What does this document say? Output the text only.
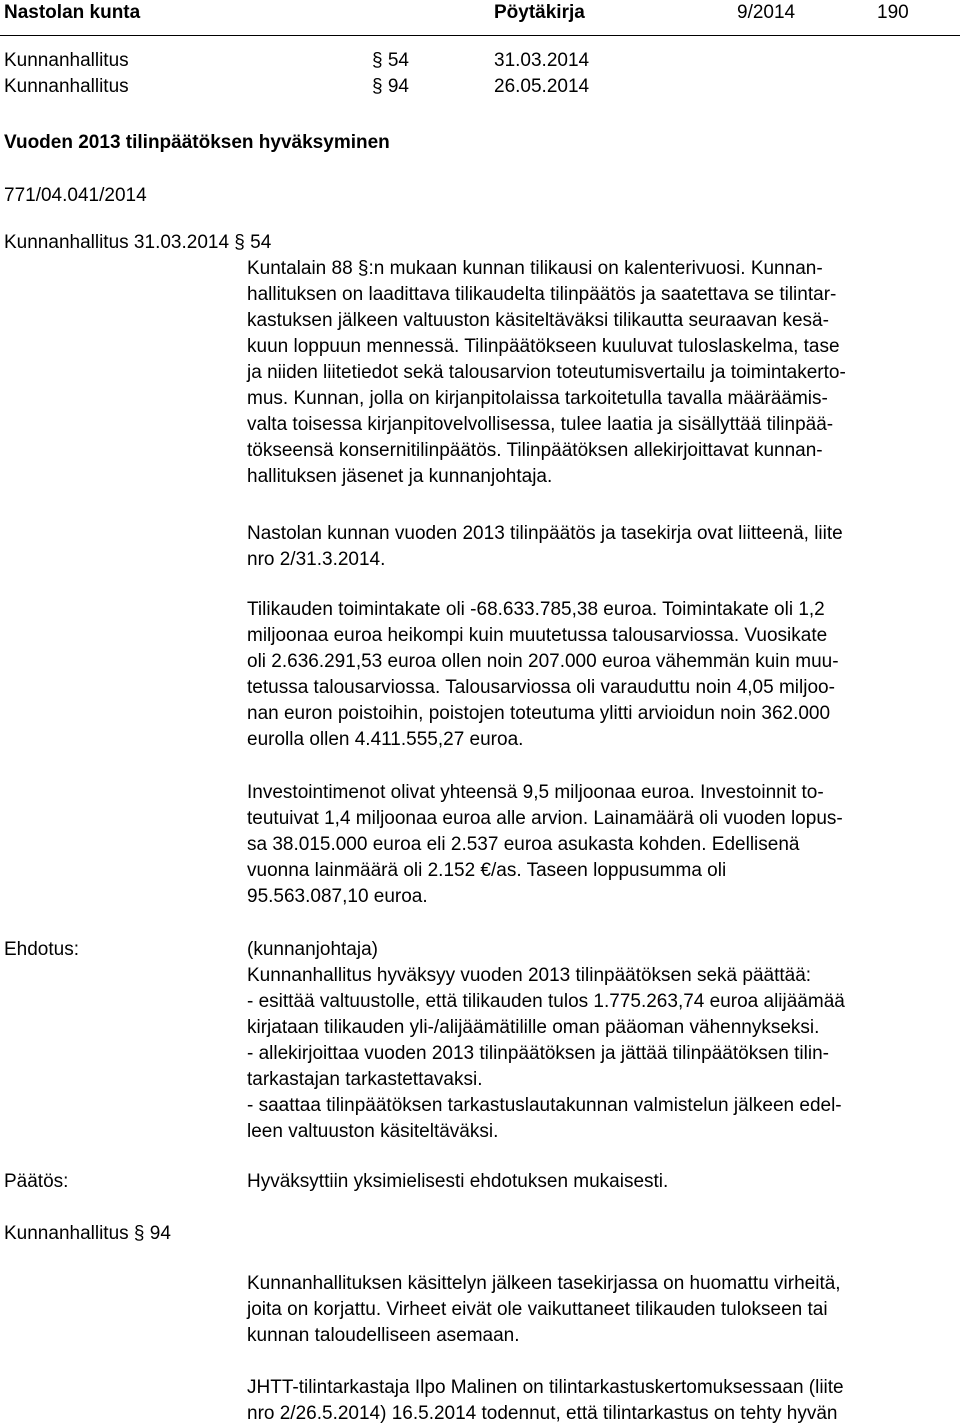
Nastolan kunta	Pöytäkirja	9/2014	190
Kunnanhallitus	§ 54	31.03.2014
Kunnanhallitus	§ 94	26.05.2014
Vuoden 2013 tilinpäätöksen hyväksyminen
771/04.041/2014
Kunnanhallitus 31.03.2014 § 54
Kuntalain 88 §:n mukaan kunnan tilikausi on kalenterivuosi. Kunnan-
hallituksen on laadittava tilikaudelta tilinpäätös ja saatettava se tilintar-
kastuksen jälkeen valtuuston käsiteltäväksi tilikautta seuraavan kesä-
kuun loppuun mennessä. Tilinpäätökseen kuuluvat tuloslaskelma, tase
ja niiden liitetiedot sekä talousarvion toteutumisvertailu ja toimintakerto-
mus. Kunnan, jolla on kirjanpitolaissa tarkoitetulla tavalla määräämis-
valta toisessa kirjanpitovelvollisessa, tulee laatia ja sisällyttää tilinpää-
tökseensä konsernitilinpäätös. Tilinpäätöksen allekirjoittavat kunnan-
hallituksen jäsenet ja kunnanjohtaja.
Nastolan kunnan vuoden 2013 tilinpäätös ja tasekirja ovat liitteenä, liite
nro 2/31.3.2014.
Tilikauden toimintakate oli -68.633.785,38 euroa. Toimintakate oli 1,2
miljoonaa euroa heikompi kuin muutetussa talousarviossa. Vuosikate
oli 2.636.291,53 euroa ollen noin 207.000 euroa vähemmän kuin muu-
tetussa talousarviossa. Talousarviossa oli varauduttu noin 4,05 miljoo-
nan euron poistoihin, poistojen toteutuma ylitti arvioidun noin 362.000
eurolla ollen 4.411.555,27 euroa.
Investointimenot olivat yhteensä 9,5 miljoonaa euroa. Investoinnit to-
teutuivat 1,4 miljoonaa euroa alle arvion. Lainamäärä oli vuoden lopus-
sa 38.015.000 euroa eli 2.537 euroa asukasta kohden. Edellisenä
vuonna lainmäärä oli 2.152 €/as. Taseen loppusumma oli
95.563.087,10 euroa.
Ehdotus:	(kunnanjohtaja)
Kunnanhallitus hyväksyy vuoden 2013 tilinpäätöksen sekä päättää:
- esittää valtuustolle, että tilikauden tulos 1.775.263,74 euroa alijäämää
kirjataan tilikauden yli-/alijäämätilille oman pääoman vähennykseksi.
- allekirjoittaa vuoden 2013 tilinpäätöksen ja jättää tilinpäätöksen tilin-
tarkastajan tarkastettavaksi.
- saattaa tilinpäätöksen tarkastuslautakunnan valmistelun jälkeen edel-
leen valtuuston käsiteltäväksi.
Päätös:	Hyväksyttiin yksimielisesti ehdotuksen mukaisesti.
Kunnanhallitus § 94
Kunnanhallituksen käsittelyn jälkeen tasekirjassa on huomattu virheitä,
joita on korjattu. Virheet eivät ole vaikuttaneet tilikauden tulokseen tai
kunnan taloudelliseen asemaan.
JHTT-tilintarkastaja Ilpo Malinen on tilintarkastuskertomuksessaan (liite
nro 2/26.5.2014) 16.5.2014 todennut, että tilintarkastus on tehty hyvän
